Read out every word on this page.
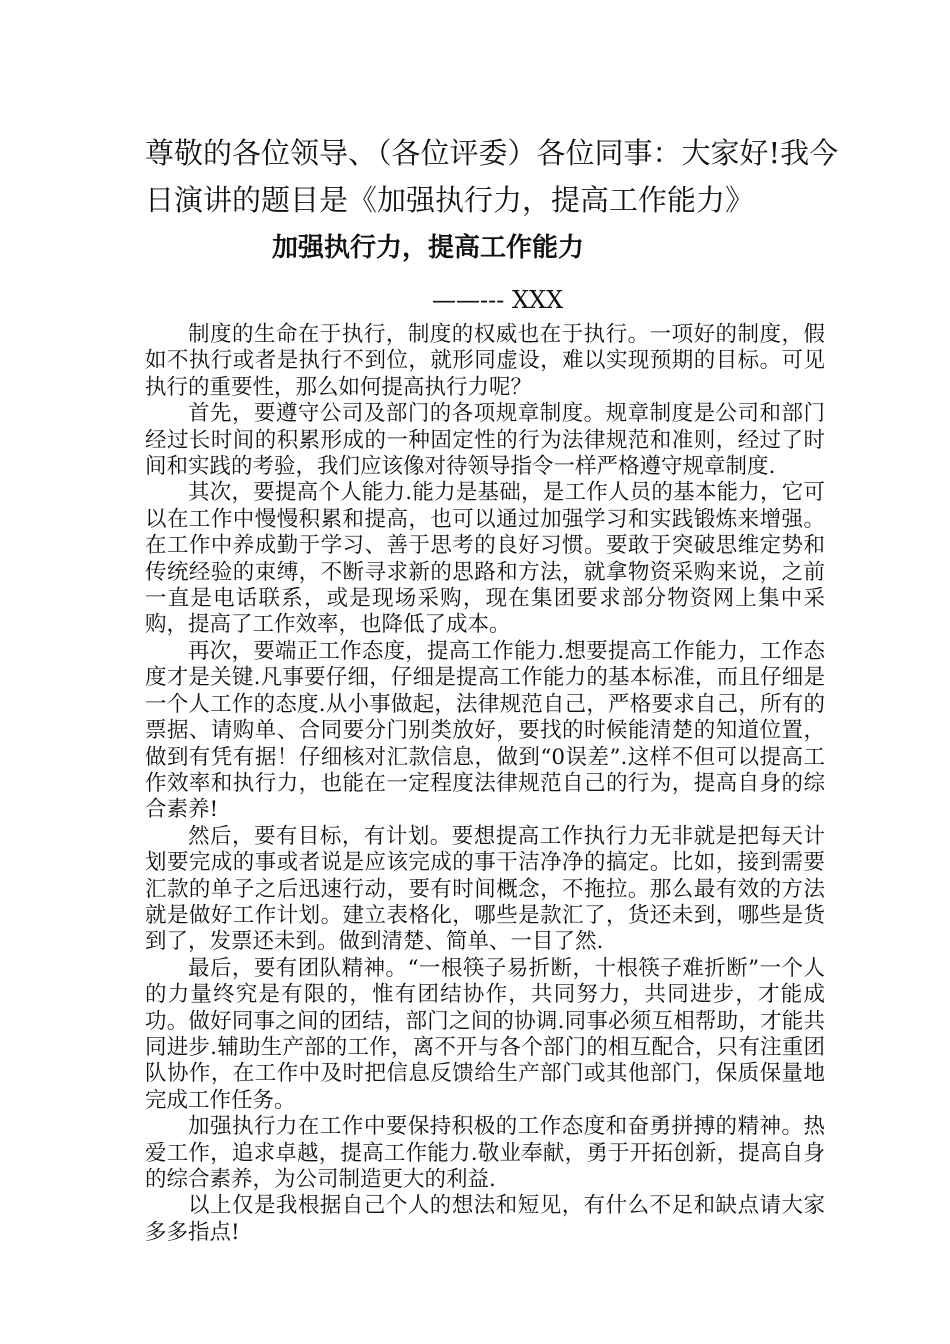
尊敬的各位领导、（各位评委）各位同事：大家好!我今日演讲的题目是《加强执行力，提高工作能力》
加强执行力，提高工作能力
——--- XXX

制度的生命在于执行，制度的权威也在于执行。一项好的制度，假如不执行或者是执行不到位，就形同虚设，难以实现预期的目标。可见执行的重要性，那么如何提高执行力呢？

首先，要遵守公司及部门的各项规章制度。规章制度是公司和部门经过长时间的积累形成的一种固定性的行为法律规范和准则，经过了时间和实践的考验，我们应该像对待领导指令一样严格遵守规章制度.

其次，要提高个人能力.能力是基础，是工作人员的基本能力，它可以在工作中慢慢积累和提高，也可以通过加强学习和实践锻炼来增强。在工作中养成勤于学习、善于思考的良好习惯。要敢于突破思维定势和传统经验的束缚，不断寻求新的思路和方法，就拿物资采购来说，之前一直是电话联系，或是现场采购，现在集团要求部分物资网上集中采购，提高了工作效率，也降低了成本。

再次，要端正工作态度，提高工作能力.想要提高工作能力，工作态度才是关键.凡事要仔细，仔细是提高工作能力的基本标准，而且仔细是一个人工作的态度.从小事做起，法律规范自己，严格要求自己，所有的票据、请购单、合同要分门别类放好，要找的时候能清楚的知道位置，做到有凭有据！仔细核对汇款信息，做到“0误差”.这样不但可以提高工作效率和执行力，也能在一定程度法律规范自己的行为，提高自身的综合素养!

然后，要有目标，有计划。要想提高工作执行力无非就是把每天计划要完成的事或者说是应该完成的事干洁净净的搞定。比如，接到需要汇款的单子之后迅速行动，要有时间概念，不拖拉。那么最有效的方法就是做好工作计划。建立表格化，哪些是款汇了，货还未到，哪些是货到了，发票还未到。做到清楚、简单、一目了然.

最后，要有团队精神。“一根筷子易折断，十根筷子难折断”一个人的力量终究是有限的，惟有团结协作，共同努力，共同进步，才能成功。做好同事之间的团结，部门之间的协调.同事必须互相帮助，才能共同进步.辅助生产部的工作，离不开与各个部门的相互配合，只有注重团队协作，在工作中及时把信息反馈给生产部门或其他部门，保质保量地完成工作任务。

加强执行力在工作中要保持积极的工作态度和奋勇拼搏的精神。热爱工作，追求卓越，提高工作能力.敬业奉献，勇于开拓创新，提高自身的综合素养，为公司制造更大的利益.

以上仅是我根据自己个人的想法和短见，有什么不足和缺点请大家多多指点!
